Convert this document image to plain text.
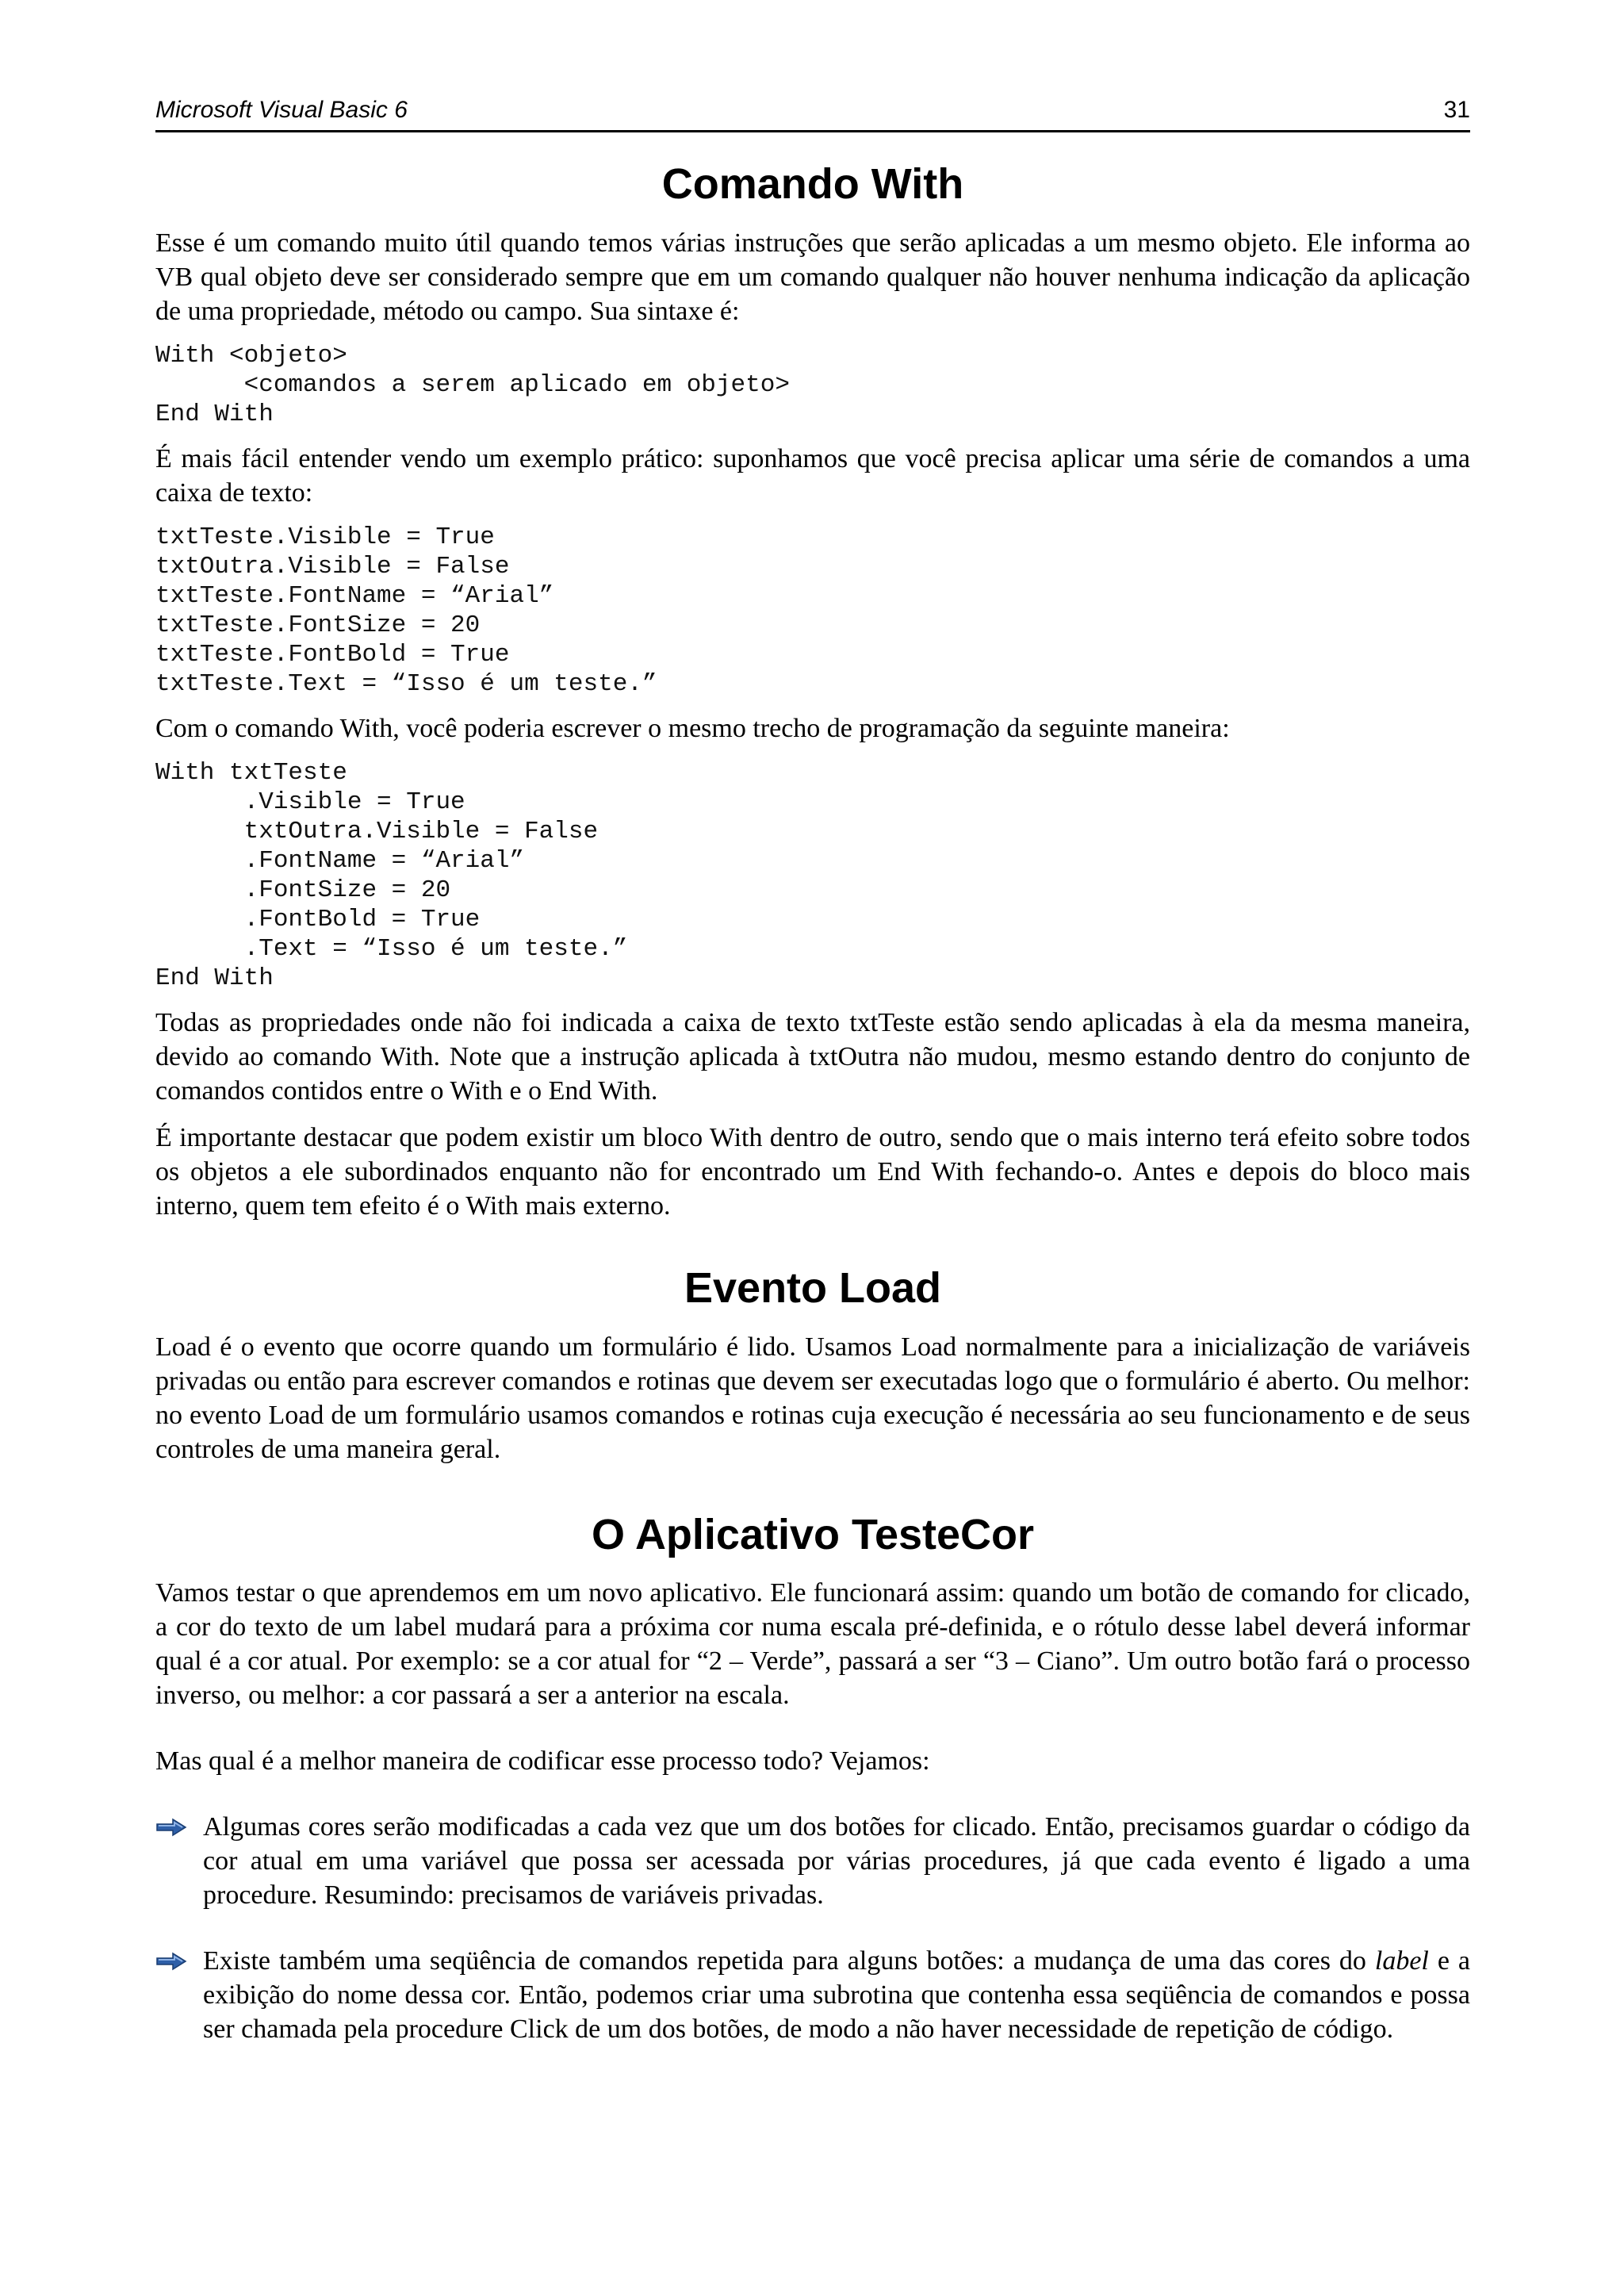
Microsoft Visual Basic 6	31
Comando With

Esse é um comando muito útil quando temos várias instruções que serão aplicadas a um mesmo objeto. Ele informa ao VB qual objeto deve ser considerado sempre que em um comando qualquer não houver nenhuma indicação da aplicação de uma propriedade, método ou campo. Sua sintaxe é:

With <objeto>
<comandos a serem aplicado em objeto>
End With

É mais fácil entender vendo um exemplo prático: suponhamos que você precisa aplicar uma série de comandos a uma caixa de texto:

txtTeste.Visible = True
txtOutra.Visible = False
txtTeste.FontName = “Arial”
txtTeste.FontSize = 20
txtTeste.FontBold = True
txtTeste.Text = “Isso é um teste.”

Com o comando With, você poderia escrever o mesmo trecho de programação da seguinte maneira:

With txtTeste
.Visible = True
txtOutra.Visible = False
.FontName = “Arial”
.FontSize = 20
.FontBold = True
.Text = “Isso é um teste.”
End With

Todas as propriedades onde não foi indicada a caixa de texto txtTeste estão sendo aplicadas à ela da mesma maneira, devido ao comando With. Note que a instrução aplicada à txtOutra não mudou, mesmo estando dentro do conjunto de comandos contidos entre o With e o End With.

É importante destacar que podem existir um bloco With dentro de outro, sendo que o mais interno terá efeito sobre todos os objetos a ele subordinados enquanto não for encontrado um End With fechando-o. Antes e depois do bloco mais interno, quem tem efeito é o With mais externo.

Evento Load

Load é o evento que ocorre quando um formulário é lido. Usamos Load normalmente para a inicialização de variáveis privadas ou então para escrever comandos e rotinas que devem ser executadas logo que o formulário é aberto. Ou melhor: no evento Load de um formulário usamos comandos e rotinas cuja execução é necessária ao seu funcionamento e de seus controles de uma maneira geral.

O Aplicativo TesteCor

Vamos testar o que aprendemos em um novo aplicativo. Ele funcionará assim: quando um botão de comando for clicado, a cor do texto de um label mudará para a próxima cor numa escala pré-definida, e o rótulo desse label deverá informar qual é a cor atual. Por exemplo: se a cor atual for “2 – Verde”, passará a ser “3 – Ciano”. Um outro botão fará o processo inverso, ou melhor: a cor passará a ser a anterior na escala.

Mas qual é a melhor maneira de codificar esse processo todo? Vejamos:

Algumas cores serão modificadas a cada vez que um dos botões for clicado. Então, precisamos guardar o código da cor atual em uma variável que possa ser acessada por várias procedures, já que cada evento é ligado a uma procedure. Resumindo: precisamos de variáveis privadas.

Existe também uma seqüência de comandos repetida para alguns botões: a mudança de uma das cores do label e a exibição do nome dessa cor. Então, podemos criar uma subrotina que contenha essa seqüência de comandos e possa ser chamada pela procedure Click de um dos botões, de modo a não haver necessidade de repetição de código.
